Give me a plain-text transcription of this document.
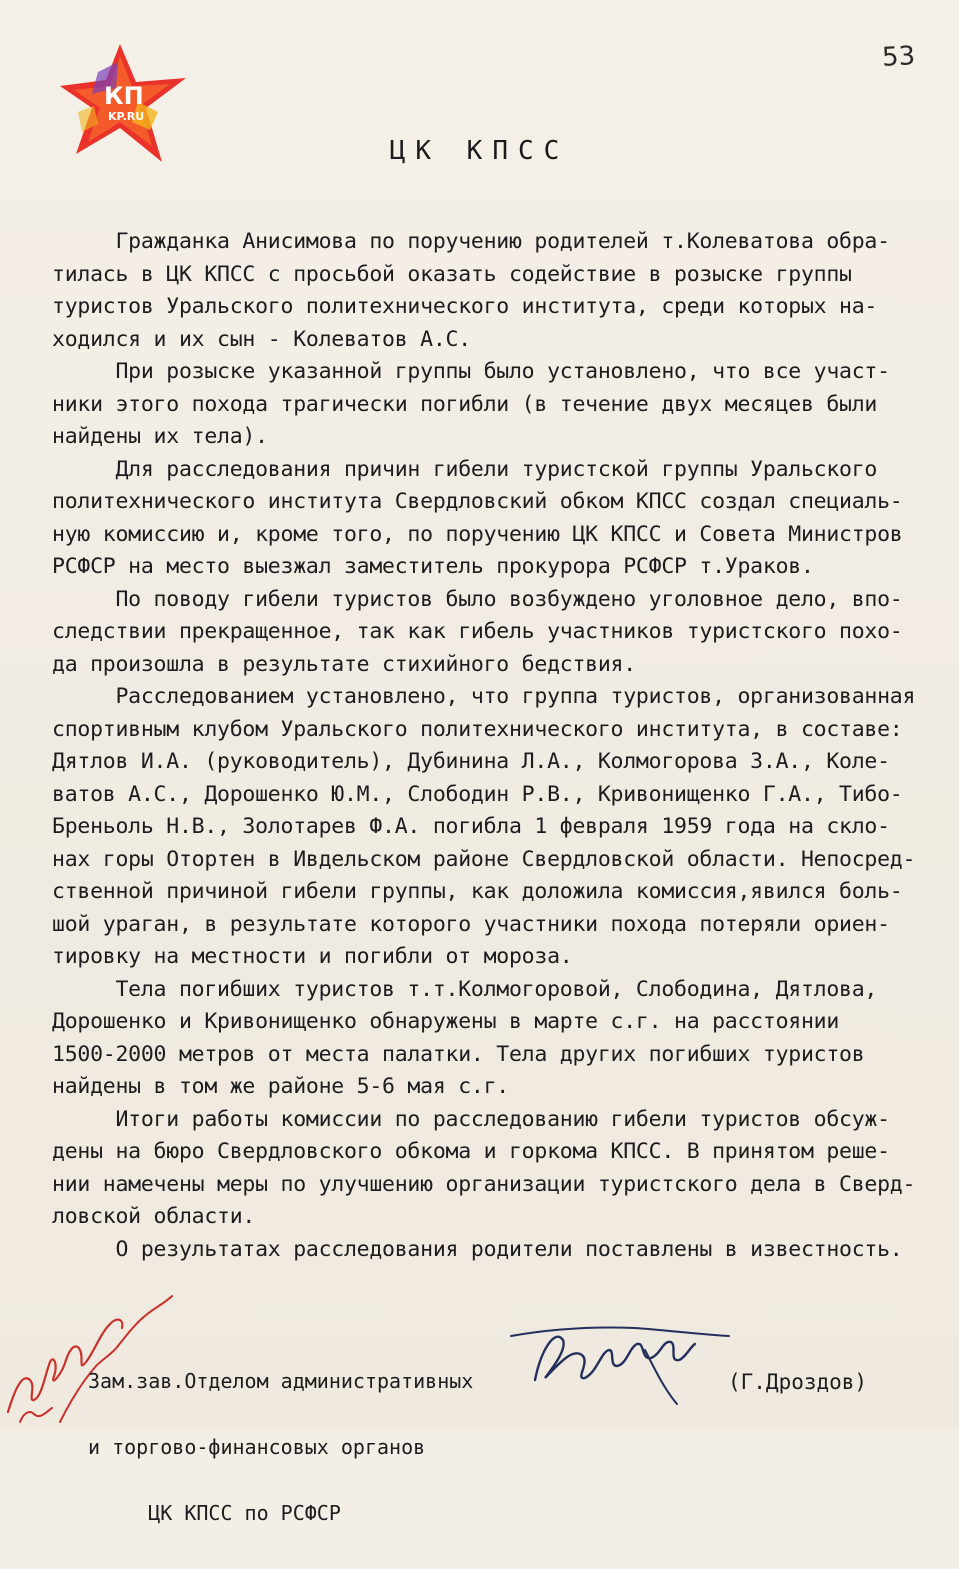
КП
KP.RU
53
ЦК КПСС
Гражданка Анисимова по поручению родителей т.Колеватова обра-
тилась в ЦК КПСС с просьбой оказать содействие в розыске группы
туристов Уральского политехнического института, среди которых на-
ходился и их сын - Колеватов А.С.
При розыске указанной группы было установлено, что все участ-
ники этого похода трагически погибли (в течение двух месяцев были
найдены их тела).
Для расследования причин гибели туристской группы Уральского
политехнического института Свердловский обком КПСС создал специаль-
ную комиссию и, кроме того, по поручению ЦК КПСС и Совета Министров
РСФСР на место выезжал заместитель прокурора РСФСР т.Ураков.
По поводу гибели туристов было возбуждено уголовное дело, впо-
следствии прекращенное, так как гибель участников туристского похо-
да произошла в результате стихийного бедствия.
Расследованием установлено, что группа туристов, организованная
спортивным клубом Уральского политехнического института, в составе:
Дятлов И.А. (руководитель), Дубинина Л.А., Колмогорова З.А., Коле-
ватов А.С., Дорошенко Ю.М., Слободин Р.В., Кривонищенко Г.А., Тибо-
Бреньоль Н.В., Золотарев Ф.А. погибла 1 февраля 1959 года на скло-
нах горы Отортен в Ивдельском районе Свердловской области. Непосред-
ственной причиной гибели группы, как доложила комиссия,явился боль-
шой ураган, в результате которого участники похода потеряли ориен-
тировку на местности и погибли от мороза.
Тела погибших туристов т.т.Колмогоровой, Слободина, Дятлова,
Дорошенко и Кривонищенко обнаружены в марте с.г. на расстоянии
1500-2000 метров от места палатки. Тела других погибших туристов
найдены в том же районе 5-6 мая с.г.
Итоги работы комиссии по расследованию гибели туристов обсуж-
дены на бюро Свердловского обкома и горкома КПСС. В принятом реше-
нии намечены меры по улучшению организации туристского дела в Сверд-
ловской области.
О результатах расследования родители поставлены в известность.

Зам.зав.Отделом административных

и торгово-финансовых органов

ЦК КПСС по РСФСР

(Г.Дроздов)
